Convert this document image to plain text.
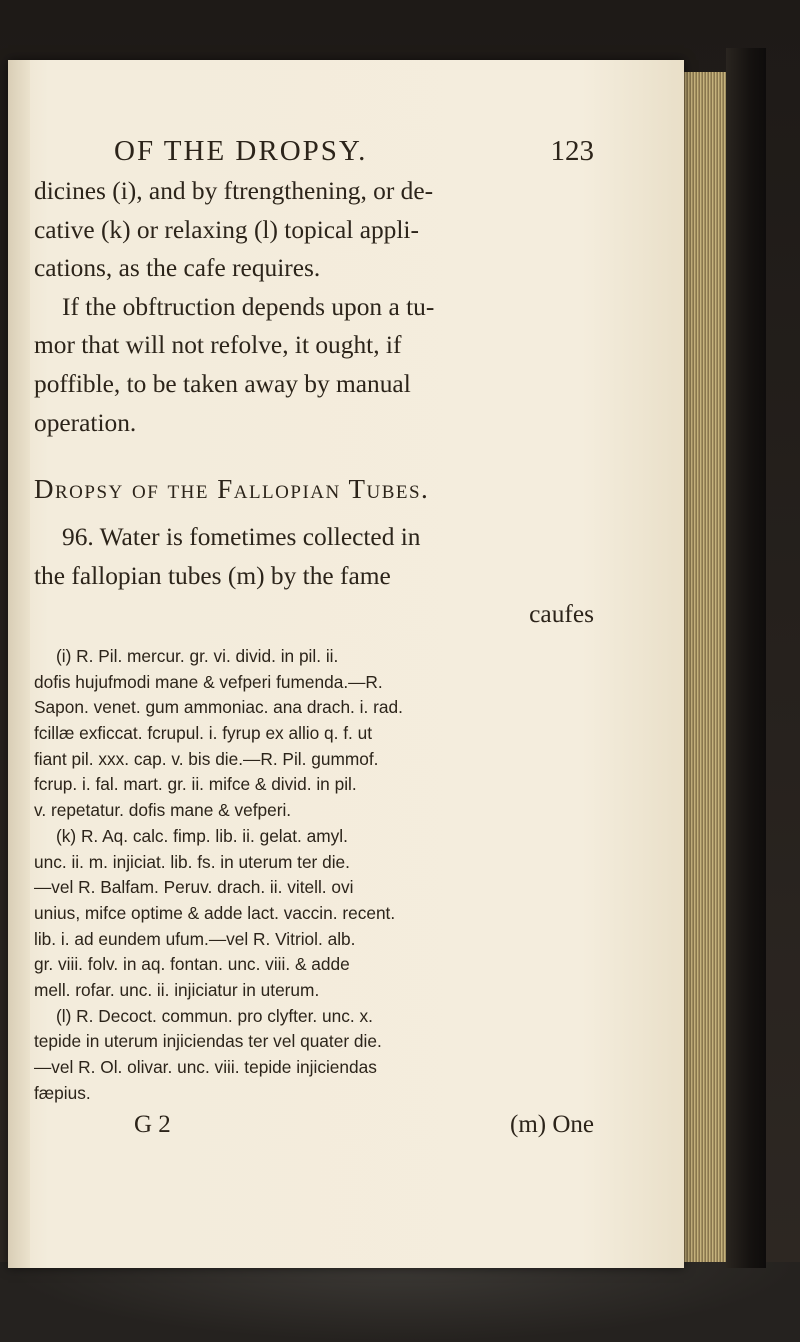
OF THE DROPSY.	123
dicines (i), and by ftrengthening, or de-
cative (k) or relaxing (l) topical appli-
cations, as the cafe requires.
If the obftruction depends upon a tu-
mor that will not refolve, it ought, if
poffible, to be taken away by manual
operation.
Dropsy of the Fallopian Tubes.
96. Water is fometimes collected in
the fallopian tubes (m) by the fame
caufes
(i) R. Pil. mercur. gr. vi. divid. in pil. ii.
dofis hujufmodi mane & vefperi fumenda.—R.
Sapon. venet. gum ammoniac. ana drach. i. rad.
fcillæ exficcat. fcrupul. i. fyrup ex allio q. f. ut
fiant pil. xxx. cap. v. bis die.—R. Pil. gummof.
fcrup. i. fal. mart. gr. ii. mifce & divid. in pil.
v. repetatur. dofis mane & vefperi.
(k) R. Aq. calc. fimp. lib. ii. gelat. amyl.
unc. ii. m. injiciat. lib. fs. in uterum ter die.
—vel R. Balfam. Peruv. drach. ii. vitell. ovi
unius, mifce optime & adde lact. vaccin. recent.
lib. i. ad eundem ufum.—vel R. Vitriol. alb.
gr. viii. folv. in aq. fontan. unc. viii. & adde
mell. rofar. unc. ii. injiciatur in uterum.
(l) R. Decoct. commun. pro clyfter. unc. x.
tepide in uterum injiciendas ter vel quater die.
—vel R. Ol. olivar. unc. viii. tepide injiciendas
fæpius.
G 2	(m) One
